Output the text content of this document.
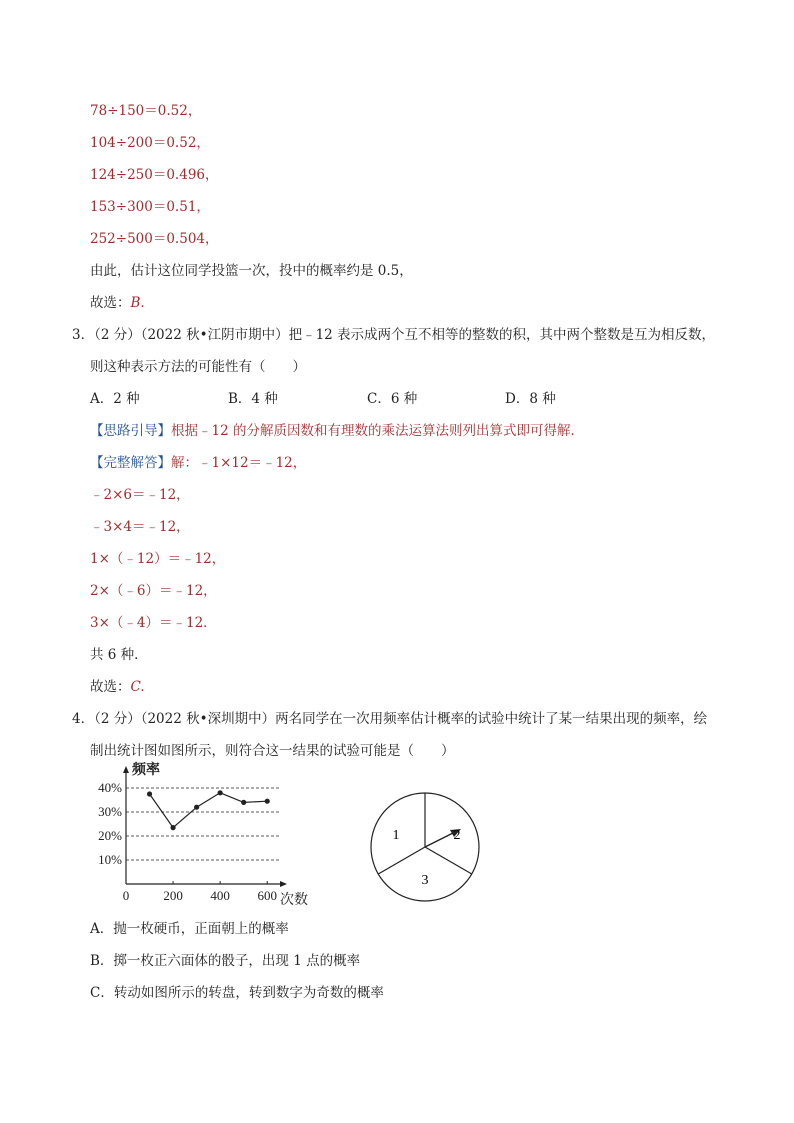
78÷150＝0.52，
104÷200＝0.52，
124÷250＝0.496，
153÷300＝0.51，
252÷500＝0.504，
由此，估计这位同学投篮一次，投中的概率约是 0.5，
故选：B.
3．（2 分）（2022 秋•江阴市期中）把﹣12 表示成两个互不相等的整数的积，其中两个整数是互为相反数，
则这种表示方法的可能性有（　　）
A．2 种	B．4 种	C．6 种	D．8 种
【思路引导】根据﹣12 的分解质因数和有理数的乘法运算法则列出算式即可得解．
【完整解答】解：﹣1×12＝﹣12，
﹣2×6＝﹣12，
﹣3×4＝﹣12，
1×（﹣12）＝﹣12，
2×（﹣6）＝﹣12，
3×（﹣4）＝﹣12．
共 6 种．
故选：C.
4．（2 分）（2022 秋•深圳期中）两名同学在一次用频率估计概率的试验中统计了某一结果出现的频率，绘
制出统计图如图所示，则符合这一结果的试验可能是（　　）
10%
20%
30%
40%
0	200 400 600
频率
次数
1	2
3
A．抛一枚硬币，正面朝上的概率
B．掷一枚正六面体的骰子，出现 1 点的概率
C．转动如图所示的转盘，转到数字为奇数的概率
